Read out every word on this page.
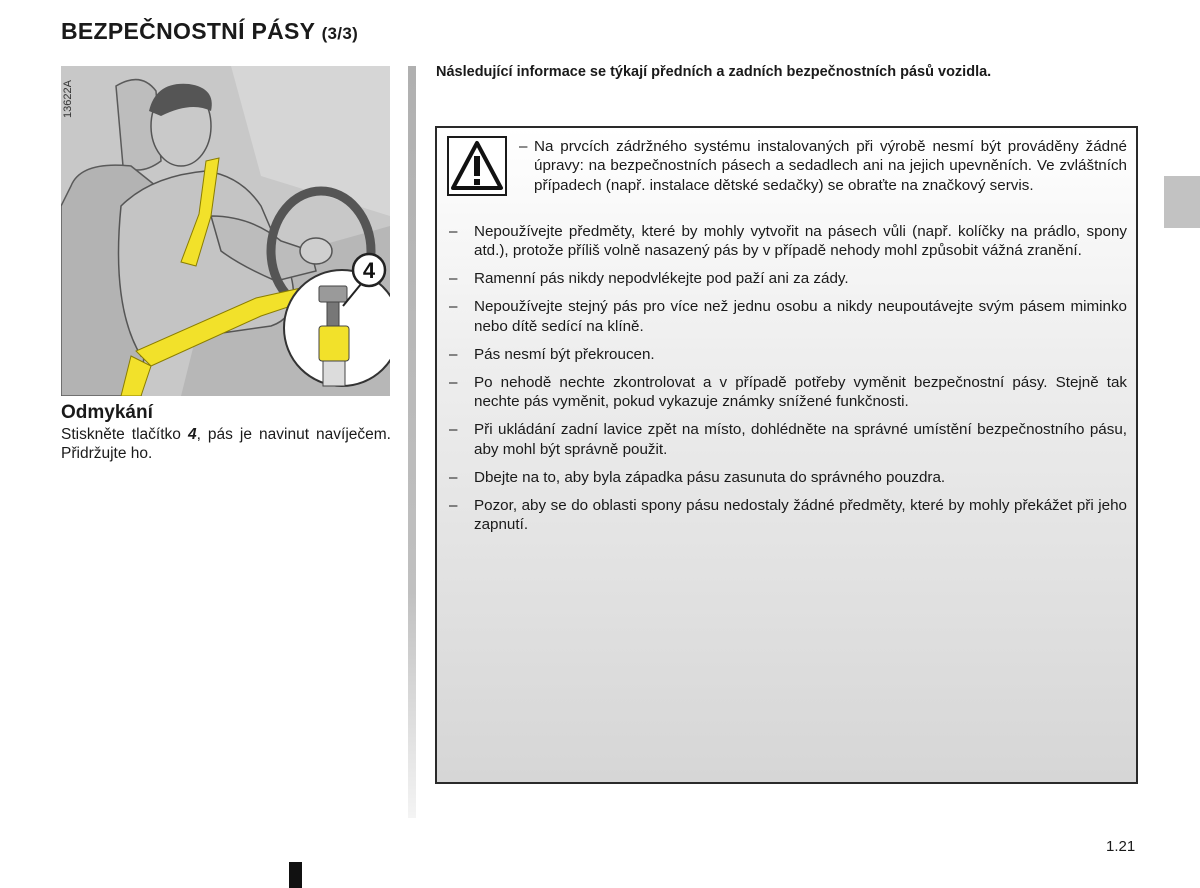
BEZPEČNOSTNÍ PÁSY (3/3)
4
13622A
Odmykání
Stiskněte tlačítko 4, pás je navinut navíječem. Přidržujte ho.
Následující informace se týkají předních a zadních bezpečnostních pásů vozidla.
– Na prvcích zádržného systému instalovaných při výrobě nesmí být prováděny žádné úpravy: na bezpečnostních pásech a sedadlech ani na jejich upevněních. Ve zvláštních případech (např. instalace dětské sedačky) se obraťte na značkový servis.
– Nepoužívejte předměty, které by mohly vytvořit na pásech vůli (např. kolíčky na prádlo, spony atd.), protože příliš volně nasazený pás by v případě nehody mohl způsobit vážná zranění.
– Ramenní pás nikdy nepodvlékejte pod paží ani za zády.
– Nepoužívejte stejný pás pro více než jednu osobu a nikdy neupoutávejte svým pásem miminko nebo dítě sedící na klíně.
– Pás nesmí být překroucen.
– Po nehodě nechte zkontrolovat a v případě potřeby vyměnit bezpečnostní pásy. Stejně tak nechte pás vyměnit, pokud vykazuje známky snížené funkčnosti.
– Při ukládání zadní lavice zpět na místo, dohlédněte na správné umístění bezpečnostního pásu, aby mohl být správně použit.
– Dbejte na to, aby byla západka pásu zasunuta do správného pouzdra.
– Pozor, aby se do oblasti spony pásu nedostaly žádné předměty, které by mohly překážet při jeho zapnutí.
1.21
